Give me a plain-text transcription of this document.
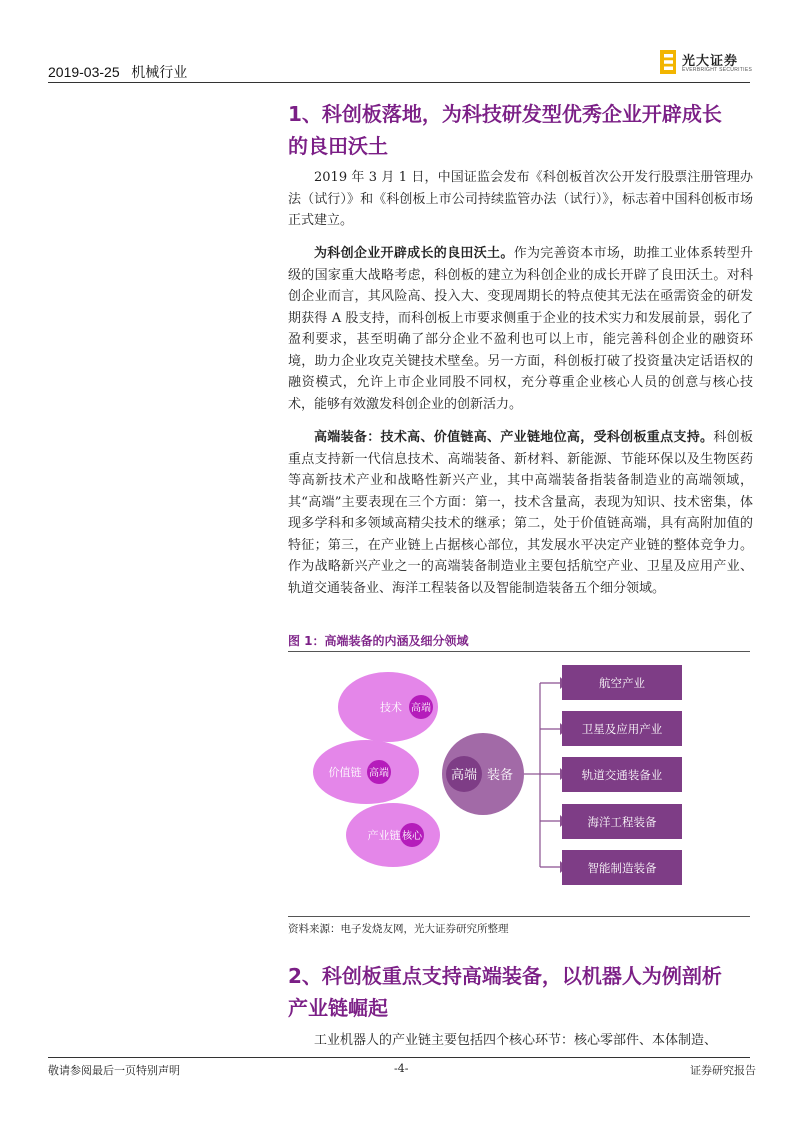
2019-03-25   机械行业
光大证券
EVERBRIGHT SECURITIES
1、科创板落地，为科技研发型优秀企业开辟成长
的良田沃土
2019 年 3 月 1 日，中国证监会发布《科创板首次公开发行股票注册管理办法（试行）》和《科创板上市公司持续监管办法（试行）》，标志着中国科创板市场正式建立。
为科创企业开辟成长的良田沃土。作为完善资本市场，助推工业体系转型升级的国家重大战略考虑，科创板的建立为科创企业的成长开辟了良田沃土。对科创企业而言，其风险高、投入大、变现周期长的特点使其无法在亟需资金的研发期获得 A 股支持，而科创板上市要求侧重于企业的技术实力和发展前景，弱化了盈利要求，甚至明确了部分企业不盈利也可以上市，能完善科创企业的融资环境，助力企业攻克关键技术壁垒。另一方面，科创板打破了投资量决定话语权的融资模式，允许上市企业同股不同权，充分尊重企业核心人员的创意与核心技术，能够有效激发科创企业的创新活力。
高端装备：技术高、价值链高、产业链地位高，受科创板重点支持。科创板重点支持新一代信息技术、高端装备、新材料、新能源、节能环保以及生物医药等高新技术产业和战略性新兴产业，其中高端装备指装备制造业的高端领域，其“高端”主要表现在三个方面：第一，技术含量高，表现为知识、技术密集，体现多学科和多领域高精尖技术的继承；第二，处于价值链高端，具有高附加值的特征；第三，在产业链上占据核心部位，其发展水平决定产业链的整体竞争力。作为战略新兴产业之一的高端装备制造业主要包括航空产业、卫星及应用产业、轨道交通装备业、海洋工程装备以及智能制造装备五个细分领域。
图 1：高端装备的内涵及细分领域
技术 高端
价值链 高端
产业链 核心
高端 装备
航空产业
卫星及应用产业
轨道交通装备业
海洋工程装备
智能制造装备
资料来源：电子发烧友网，光大证券研究所整理
2、科创板重点支持高端装备，以机器人为例剖析
产业链崛起
工业机器人的产业链主要包括四个核心环节：核心零部件、本体制造、
敬请参阅最后一页特别声明	-4-	证券研究报告
